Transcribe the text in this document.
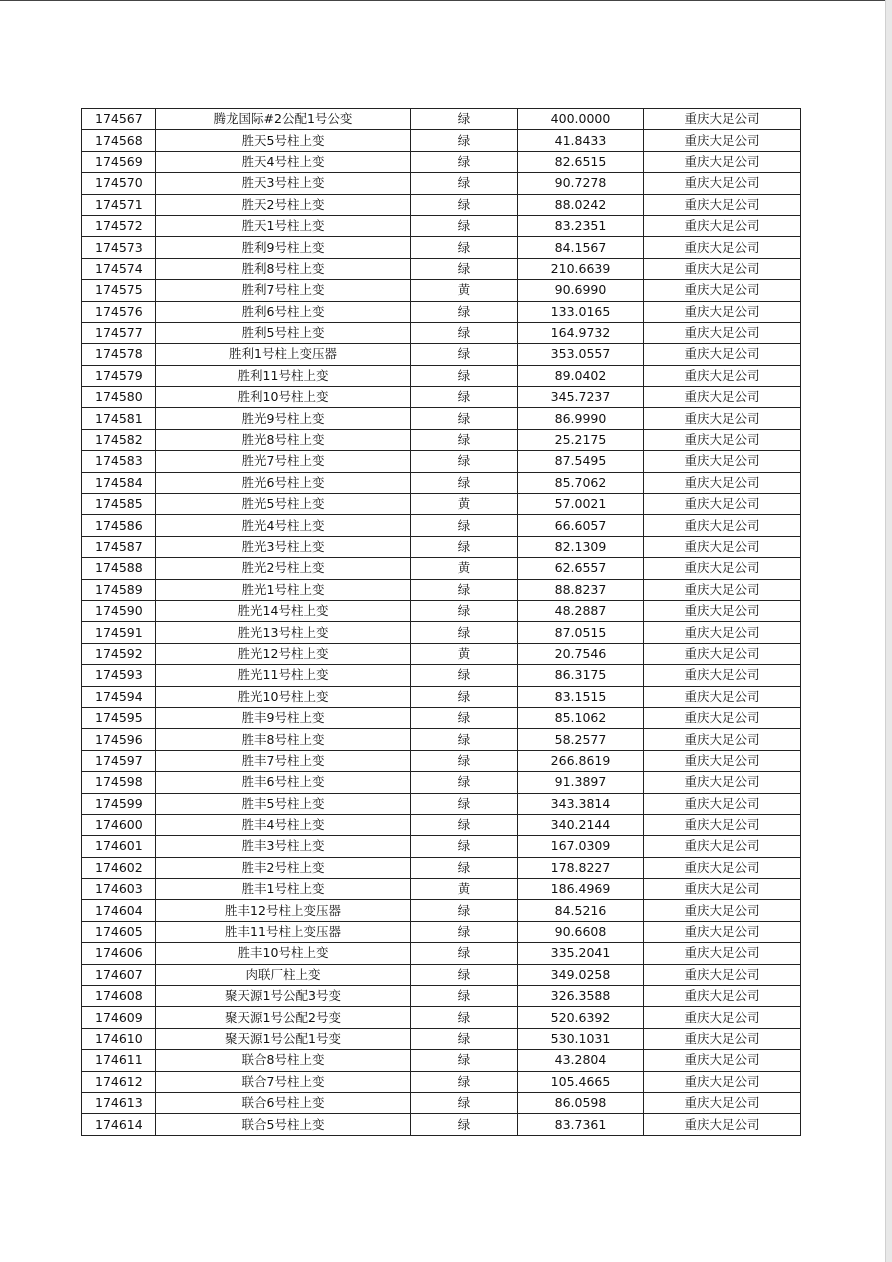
174567	腾龙国际#2公配1号公变	绿	400.0000	重庆大足公司
174568	胜天5号柱上变	绿	41.8433	重庆大足公司
174569	胜天4号柱上变	绿	82.6515	重庆大足公司
174570	胜天3号柱上变	绿	90.7278	重庆大足公司
174571	胜天2号柱上变	绿	88.0242	重庆大足公司
174572	胜天1号柱上变	绿	83.2351	重庆大足公司
174573	胜利9号柱上变	绿	84.1567	重庆大足公司
174574	胜利8号柱上变	绿	210.6639	重庆大足公司
174575	胜利7号柱上变	黄	90.6990	重庆大足公司
174576	胜利6号柱上变	绿	133.0165	重庆大足公司
174577	胜利5号柱上变	绿	164.9732	重庆大足公司
174578	胜利1号柱上变压器	绿	353.0557	重庆大足公司
174579	胜利11号柱上变	绿	89.0402	重庆大足公司
174580	胜利10号柱上变	绿	345.7237	重庆大足公司
174581	胜光9号柱上变	绿	86.9990	重庆大足公司
174582	胜光8号柱上变	绿	25.2175	重庆大足公司
174583	胜光7号柱上变	绿	87.5495	重庆大足公司
174584	胜光6号柱上变	绿	85.7062	重庆大足公司
174585	胜光5号柱上变	黄	57.0021	重庆大足公司
174586	胜光4号柱上变	绿	66.6057	重庆大足公司
174587	胜光3号柱上变	绿	82.1309	重庆大足公司
174588	胜光2号柱上变	黄	62.6557	重庆大足公司
174589	胜光1号柱上变	绿	88.8237	重庆大足公司
174590	胜光14号柱上变	绿	48.2887	重庆大足公司
174591	胜光13号柱上变	绿	87.0515	重庆大足公司
174592	胜光12号柱上变	黄	20.7546	重庆大足公司
174593	胜光11号柱上变	绿	86.3175	重庆大足公司
174594	胜光10号柱上变	绿	83.1515	重庆大足公司
174595	胜丰9号柱上变	绿	85.1062	重庆大足公司
174596	胜丰8号柱上变	绿	58.2577	重庆大足公司
174597	胜丰7号柱上变	绿	266.8619	重庆大足公司
174598	胜丰6号柱上变	绿	91.3897	重庆大足公司
174599	胜丰5号柱上变	绿	343.3814	重庆大足公司
174600	胜丰4号柱上变	绿	340.2144	重庆大足公司
174601	胜丰3号柱上变	绿	167.0309	重庆大足公司
174602	胜丰2号柱上变	绿	178.8227	重庆大足公司
174603	胜丰1号柱上变	黄	186.4969	重庆大足公司
174604	胜丰12号柱上变压器	绿	84.5216	重庆大足公司
174605	胜丰11号柱上变压器	绿	90.6608	重庆大足公司
174606	胜丰10号柱上变	绿	335.2041	重庆大足公司
174607	肉联厂柱上变	绿	349.0258	重庆大足公司
174608	聚天源1号公配3号变	绿	326.3588	重庆大足公司
174609	聚天源1号公配2号变	绿	520.6392	重庆大足公司
174610	聚天源1号公配1号变	绿	530.1031	重庆大足公司
174611	联合8号柱上变	绿	43.2804	重庆大足公司
174612	联合7号柱上变	绿	105.4665	重庆大足公司
174613	联合6号柱上变	绿	86.0598	重庆大足公司
174614	联合5号柱上变	绿	83.7361	重庆大足公司
